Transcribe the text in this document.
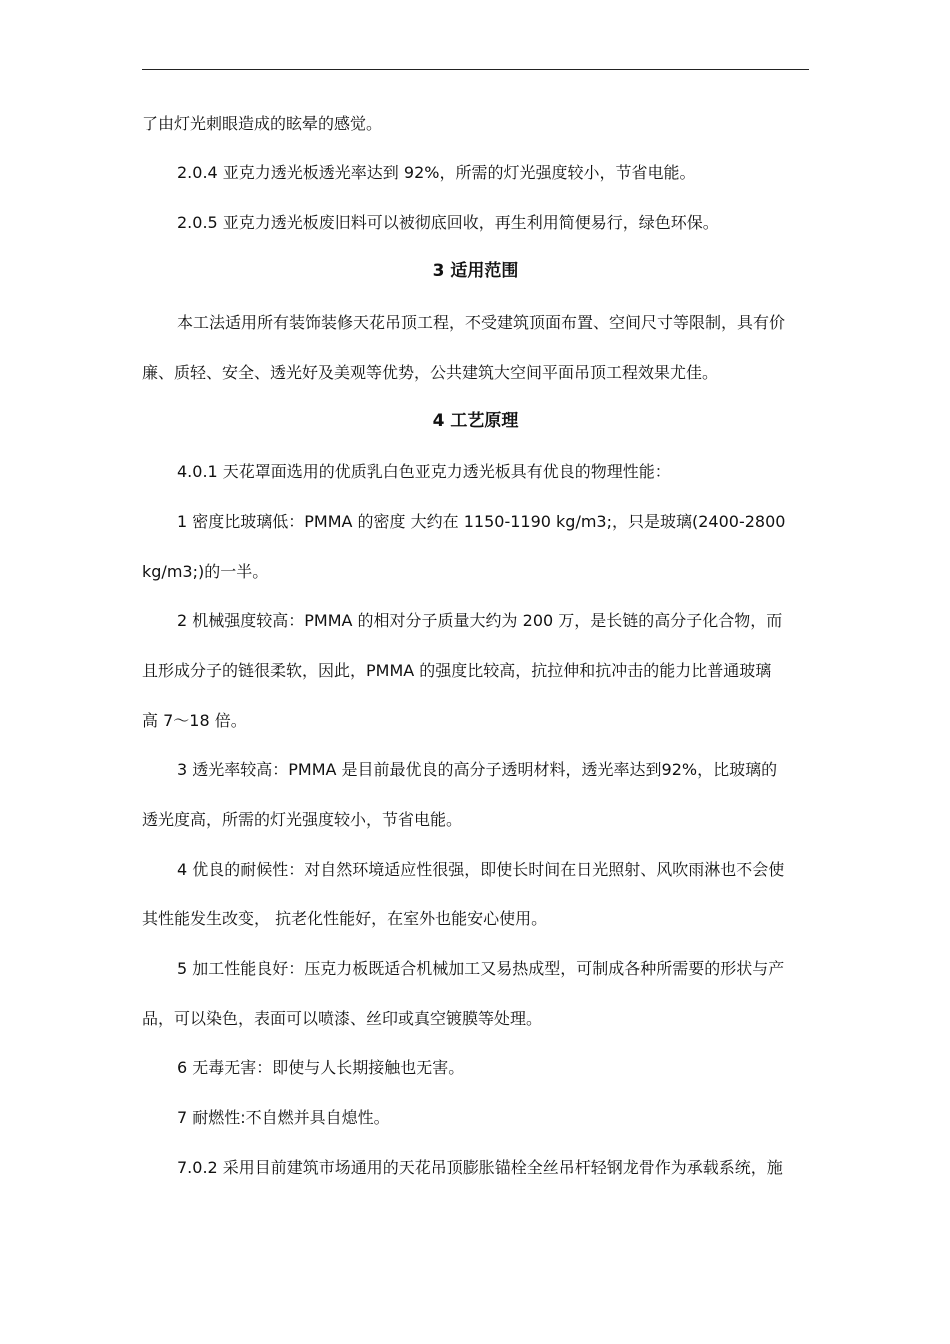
了由灯光刺眼造成的眩晕的感觉。
2.0.4 亚克力透光板透光率达到 92%，所需的灯光强度较小，节省电能。
2.0.5 亚克力透光板废旧料可以被彻底回收，再生利用简便易行，绿色环保。
3 适用范围
本工法适用所有装饰装修天花吊顶工程，不受建筑顶面布置、空间尺寸等限制，具有价
廉、质轻、安全、透光好及美观等优势，公共建筑大空间平面吊顶工程效果尤佳。
4 工艺原理
4.0.1 天花罩面选用的优质乳白色亚克力透光板具有优良的物理性能：
1 密度比玻璃低：PMMA 的密度 大约在 1150-1190 kg/m3;，只是玻璃(2400-2800
kg/m3;)的一半。
2 机械强度较高：PMMA 的相对分子质量大约为 200 万，是长链的高分子化合物，而
且形成分子的链很柔软，因此，PMMA 的强度比较高，抗拉伸和抗冲击的能力比普通玻璃
高 7～18 倍。
3 透光率较高：PMMA 是目前最优良的高分子透明材料，透光率达到92%，比玻璃的
透光度高，所需的灯光强度较小，节省电能。
4 优良的耐候性：对自然环境适应性很强，即使长时间在日光照射、风吹雨淋也不会使
其性能发生改变， 抗老化性能好，在室外也能安心使用。
5 加工性能良好：压克力板既适合机械加工又易热成型，可制成各种所需要的形状与产
品，可以染色，表面可以喷漆、丝印或真空镀膜等处理。
6 无毒无害：即使与人长期接触也无害。
7 耐燃性:不自燃并具自熄性。
7.0.2 采用目前建筑市场通用的天花吊顶膨胀锚栓全丝吊杆轻钢龙骨作为承载系统，施
